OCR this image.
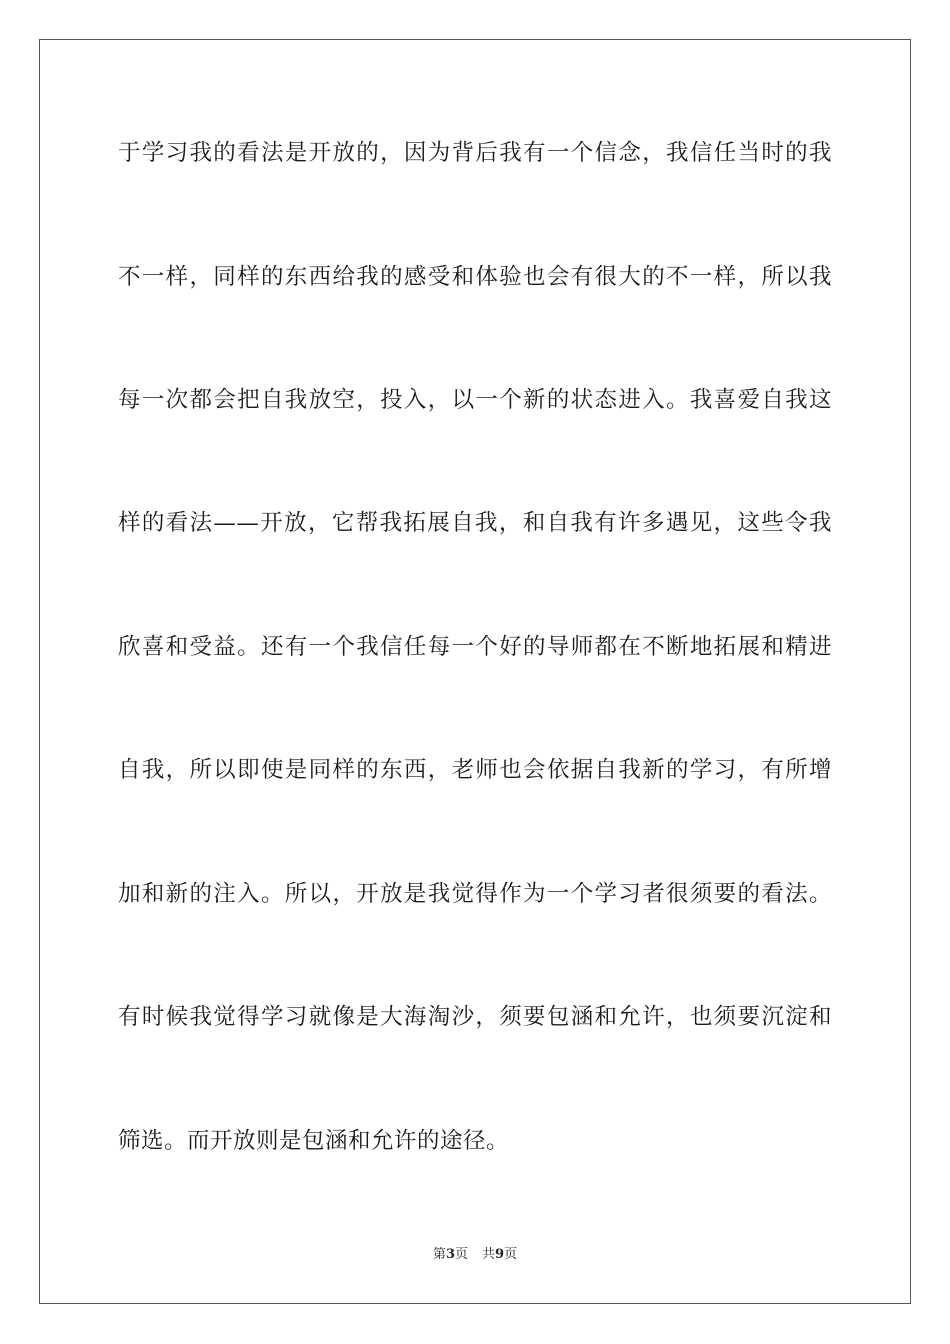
于学习我的看法是开放的，因为背后我有一个信念，我信任当时的我
不一样，同样的东西给我的感受和体验也会有很大的不一样，所以我
每一次都会把自我放空，投入，以一个新的状态进入。我喜爱自我这
样的看法——开放，它帮我拓展自我，和自我有许多遇见，这些令我
欣喜和受益。还有一个我信任每一个好的导师都在不断地拓展和精进
自我，所以即使是同样的东西，老师也会依据自我新的学习，有所增
加和新的注入。所以，开放是我觉得作为一个学习者很须要的看法。
有时候我觉得学习就像是大海淘沙，须要包涵和允许，也须要沉淀和
筛选。而开放则是包涵和允许的途径。
第3页 共9页
